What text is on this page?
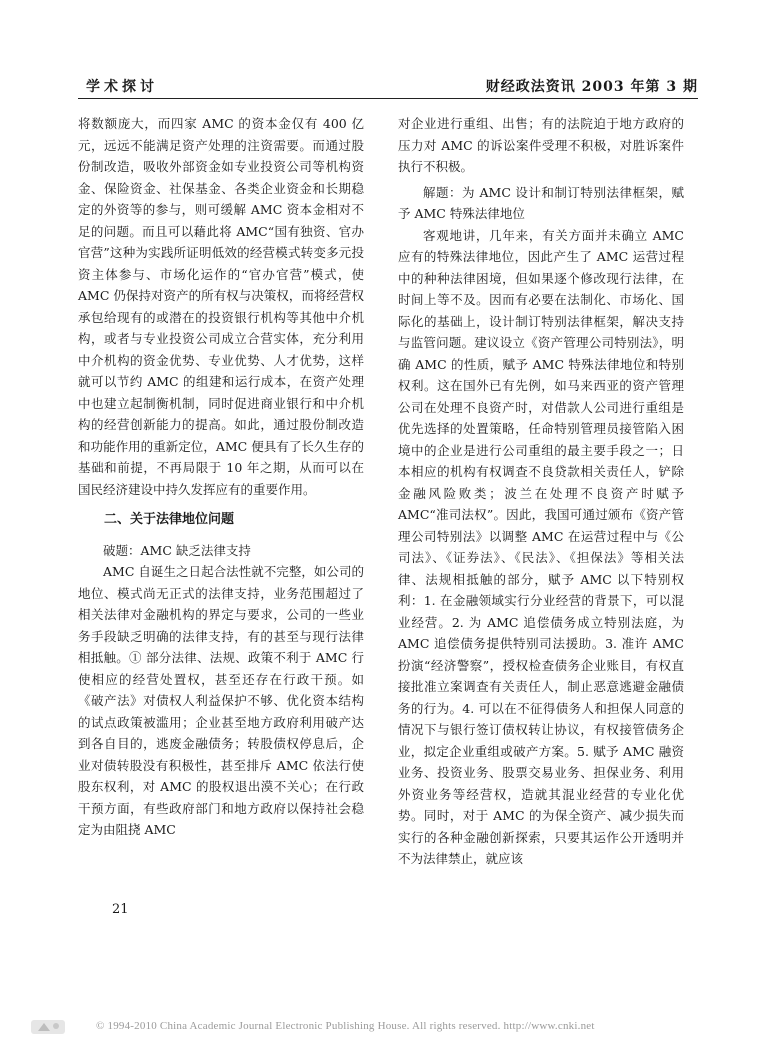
学术探讨	财经政法资讯 2003 年第 3 期

将数额庞大，而四家 AMC 的资本金仅有 400 亿元，远远不能满足资产处理的注资需要。而通过股份制改造，吸收外部资金如专业投资公司等机构资金、保险资金、社保基金、各类企业资金和长期稳定的外资等的参与，则可缓解 AMC 资本金相对不足的问题。而且可以藉此将 AMC“国有独资、官办官营”这种为实践所证明低效的经营模式转变多元投资主体参与、市场化运作的“官办官营”模式，使 AMC 仍保持对资产的所有权与决策权，而将经营权承包给现有的或潜在的投资银行机构等其他中介机构，或者与专业投资公司成立合营实体，充分利用中介机构的资金优势、专业优势、人才优势，这样就可以节约 AMC 的组建和运行成本，在资产处理中也建立起制衡机制，同时促进商业银行和中介机构的经营创新能力的提高。如此，通过股份制改造和功能作用的重新定位，AMC 便具有了长久生存的基础和前提，不再局限于 10 年之期，从而可以在国民经济建设中持久发挥应有的重要作用。

二、关于法律地位问题

破题：AMC 缺乏法律支持

AMC 自诞生之日起合法性就不完整，如公司的地位、模式尚无正式的法律支持，业务范围超过了相关法律对金融机构的界定与要求，公司的一些业务手段缺乏明确的法律支持，有的甚至与现行法律相抵触。① 部分法律、法规、政策不利于 AMC 行使相应的经营处置权，甚至还存在行政干预。如《破产法》对债权人利益保护不够、优化资本结构的试点政策被滥用；企业甚至地方政府利用破产达到各自目的，逃废金融债务；转股债权停息后，企业对债转股没有积极性，甚至排斥 AMC 依法行使股东权利，对 AMC 的股权退出漠不关心；在行政干预方面，有些政府部门和地方政府以保持社会稳定为由阻挠 AMC

对企业进行重组、出售；有的法院迫于地方政府的压力对 AMC 的诉讼案件受理不积极，对胜诉案件执行不积极。

解题：为 AMC 设计和制订特别法律框架，赋予 AMC 特殊法律地位

客观地讲，几年来，有关方面并未确立 AMC 应有的特殊法律地位，因此产生了 AMC 运营过程中的种种法律困境，但如果逐个修改现行法律，在时间上等不及。因而有必要在法制化、市场化、国际化的基础上，设计制订特别法律框架，解决支持与监管问题。建议设立《资产管理公司特别法》，明确 AMC 的性质，赋予 AMC 特殊法律地位和特别权利。这在国外已有先例，如马来西亚的资产管理公司在处理不良资产时，对借款人公司进行重组是优先选择的处置策略，任命特别管理员接管陷入困境中的企业是进行公司重组的最主要手段之一；日本相应的机构有权调查不良贷款相关责任人，铲除金融风险败类；波兰在处理不良资产时赋予 AMC“准司法权”。因此，我国可通过颁布《资产管理公司特别法》以调整 AMC 在运营过程中与《公司法》、《证券法》、《民法》、《担保法》等相关法律、法规相抵触的部分，赋予 AMC 以下特别权利：1. 在金融领域实行分业经营的背景下，可以混业经营。2. 为 AMC 追偿债务成立特别法庭，为 AMC 追偿债务提供特别司法援助。3. 准许 AMC 扮演“经济警察”，授权检查债务企业账目，有权直接批准立案调查有关责任人，制止恶意逃避金融债务的行为。4. 可以在不征得债务人和担保人同意的情况下与银行签订债权转让协议，有权接管债务企业，拟定企业重组或破产方案。5. 赋予 AMC 融资业务、投资业务、股票交易业务、担保业务、利用外资业务等经营权，造就其混业经营的专业化优势。同时，对于 AMC 的为保全资产、减少损失而实行的各种金融创新探索，只要其运作公开透明并不为法律禁止，就应该

21
© 1994-2010 China Academic Journal Electronic Publishing House. All rights reserved. http://www.cnki.net
